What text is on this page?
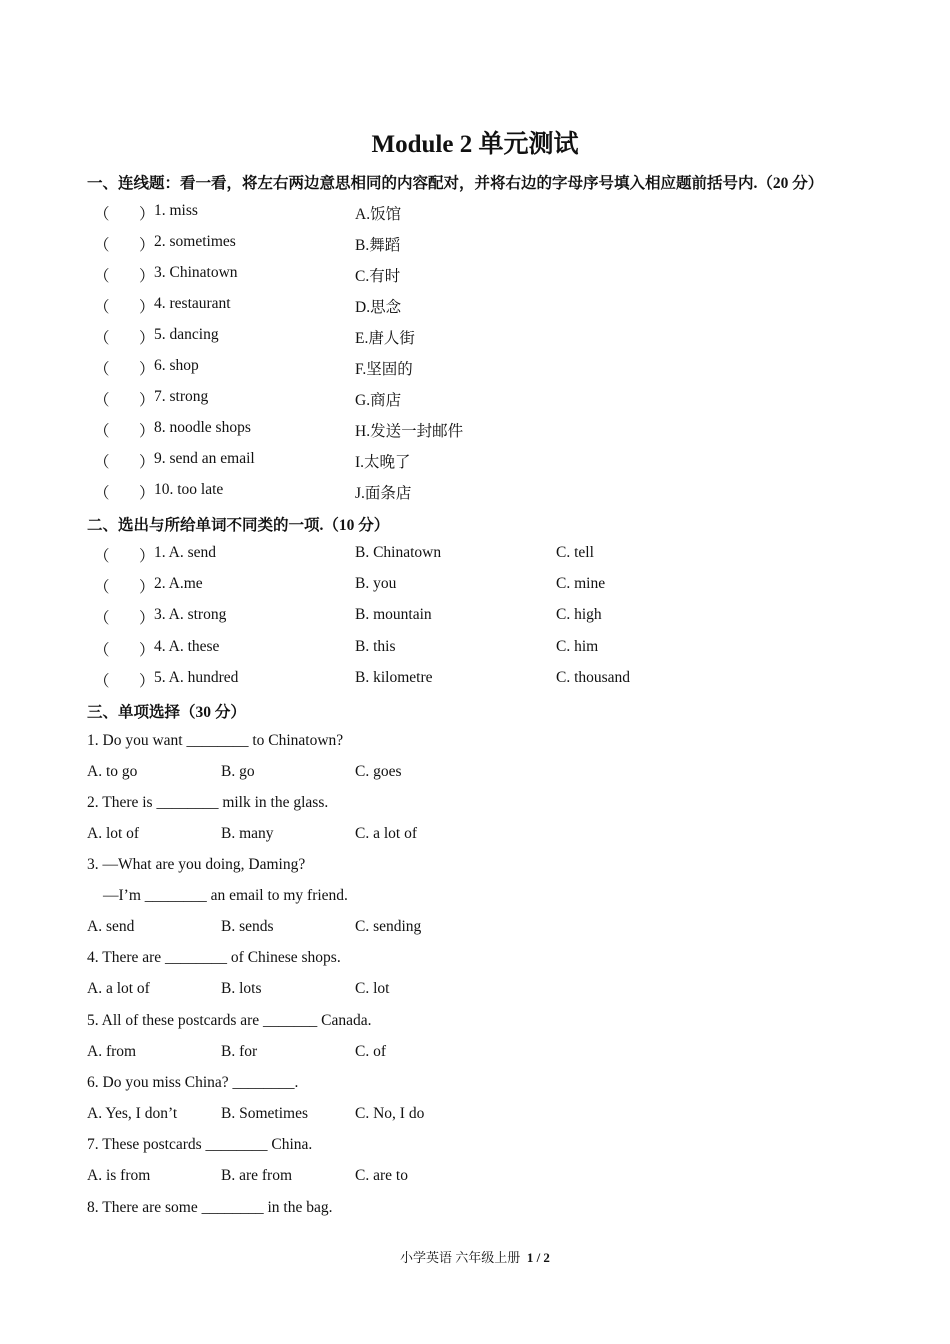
Module 2 单元测试
一、连线题：看一看，将左右两边意思相同的内容配对，并将右边的字母序号填入相应题前括号内.（20 分）
（ ） 1. miss	A.饭馆
（ ） 2. sometimes	B.舞蹈
（ ） 3. Chinatown	C.有时
（ ） 4. restaurant	D.思念
（ ） 5. dancing	E.唐人街
（ ） 6. shop	F.坚固的
（ ） 7. strong	G.商店
（ ） 8. noodle shops	H.发送一封邮件
（ ） 9. send an email	I.太晚了
（ ） 10. too late	J.面条店
二、选出与所给单词不同类的一项.（10 分）
（ ） 1. A. send	B. Chinatown	C. tell
（ ） 2. A.me	B. you	C. mine
（ ） 3. A. strong	B. mountain	C. high
（ ） 4. A. these	B. this	C. him
（ ） 5. A. hundred	B. kilometre	C. thousand
三、单项选择（30 分）
1. Do you want ________ to Chinatown?
A. to go	B. go	C. goes
2. There is ________ milk in the glass.
A. lot of	B. many	C. a lot of
3. —What are you doing, Daming?
—I’m ________ an email to my friend.
A. send	B. sends	C. sending
4. There are ________ of Chinese shops.
A. a lot of	B. lots	C. lot
5. All of these postcards are _______ Canada.
A. from	B. for	C. of
6. Do you miss China? ________.
A. Yes, I don’t	B. Sometimes	C. No, I do
7. These postcards ________ China.
A. is from	B. are from	C. are to
8. There are some ________ in the bag.
小学英语 六年级上册 1 / 2
